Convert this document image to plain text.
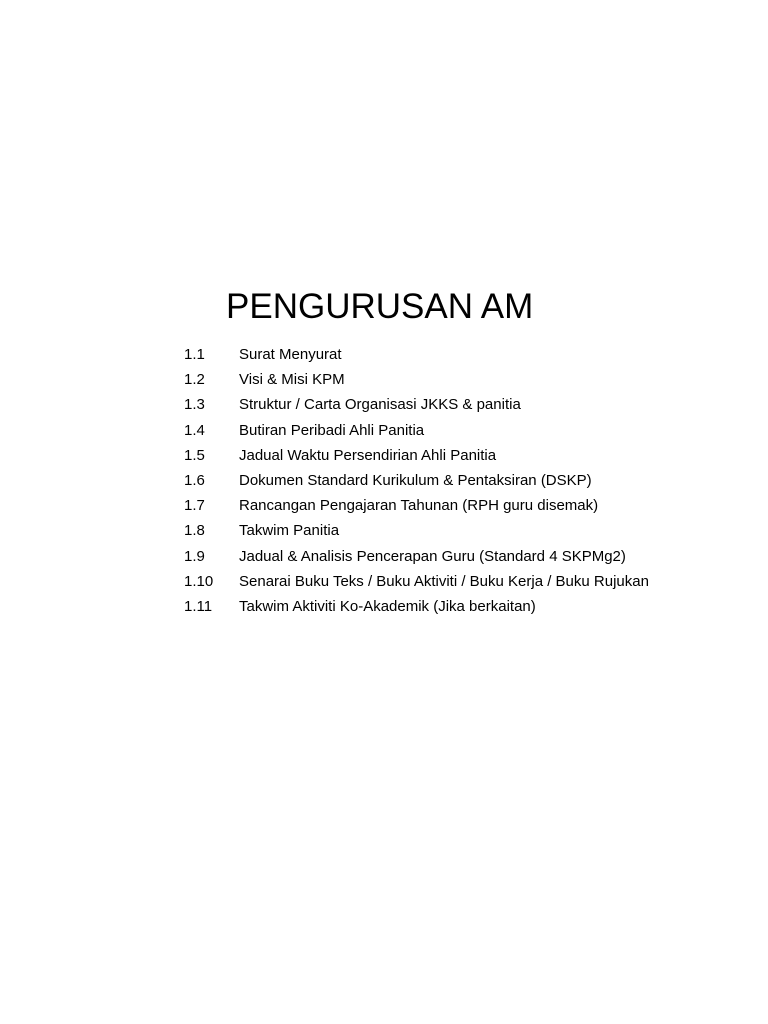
PENGURUSAN AM
1.1	Surat Menyurat
1.2	Visi & Misi KPM
1.3	Struktur / Carta Organisasi JKKS & panitia
1.4	Butiran Peribadi Ahli Panitia
1.5	Jadual Waktu Persendirian Ahli Panitia
1.6	Dokumen Standard Kurikulum & Pentaksiran (DSKP)
1.7	Rancangan Pengajaran Tahunan (RPH guru disemak)
1.8	Takwim Panitia
1.9	Jadual & Analisis Pencerapan Guru (Standard 4 SKPMg2)
1.10	Senarai Buku Teks / Buku Aktiviti / Buku Kerja / Buku Rujukan
1.11	Takwim Aktiviti Ko-Akademik (Jika berkaitan)
